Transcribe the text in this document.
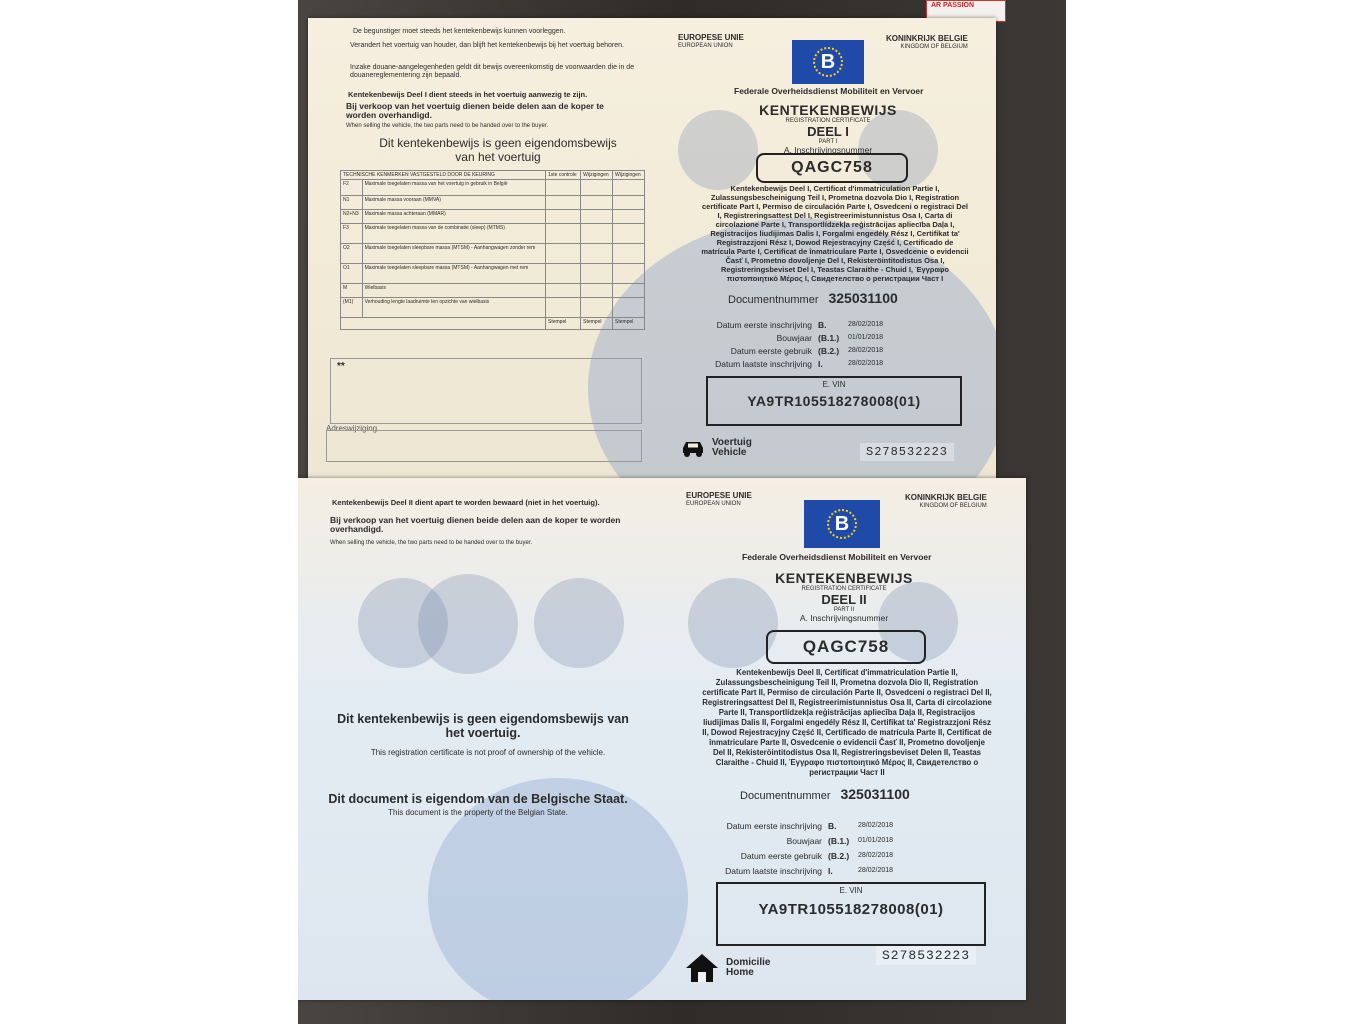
AR PASSION
De begunstiger moet steeds het kentekenbewijs kunnen voorleggen.
Verandert het voertuig van houder, dan blijft het kentekenbewijs bij het voertuig behoren.
Inzake douane-aangelegenheden geldt dit bewijs overeenkomstig de voorwaarden die in de douanereglementering zijn bepaald.
Kentekenbewijs Deel I dient steeds in het voertuig aanwezig te zijn.
Bij verkoop van het voertuig dienen beide delen aan de koper te worden overhandigd.
When selling the vehicle, the two parts need to be handed over to the buyer.
Dit kentekenbewijs is geen eigendomsbewijs van het voertuig
TECHNISCHE KENMERKEN VASTGESTELD DOOR DE KEURING		1ste controle	Wijzigingen	Wijzigingen
F2	Maximale toegelaten massa van het voertuig in gebruik in België			
N1	Maximale massa vooraan (MMVA)			
N2+N3	Maximale massa achteraan (MMAR)			
F3	Maximale toegelaten massa van de combinatie (sleep) (MTMS)			
O2	Maximale toegelaten sleepbare massa (MTSM) - Aanhangwagen zonder rem			
O1	Maximale toegelaten sleepbare massa (MTSM) - Aanhangwagen met rem			
M	Wielbasis			
(M1)	Verhouding lengte laadruimte ten opzichte van wielbasis			
		Stempel	Stempel	Stempel
**
Adreswijziging
EUROPESE UNIE
EUROPEAN UNION
B
KONINKRIJK BELGIE
KINGDOM OF BELGIUM
Federale Overheidsdienst Mobiliteit en Vervoer
KENTEKENBEWIJS
REGISTRATION CERTIFICATE
DEEL I
PART I
A. Inschrijvingsnummer
QAGC758
Kentekenbewijs Deel I, Certificat d'immatriculation Partie I, Zulassungsbescheinigung Teil I, Prometna dozvola Dio I, Registration certificate Part I, Permiso de circulación Parte I, Osvedceni o registraci Del I, Registreringsattest Del I, Registreerimistunnistus Osa I, Carta di circolazione Parte I, Transportlídzekļa reģistrācijas apliecība Daļa I, Registracijos liudijimas Dalis I, Forgalmi engedély Rész I, Certifikat ta' Registrazzjoni Rész I, Dowod Rejestracyjny Część I, Certificado de matrícula Parte I, Certificat de înmatriculare Parte I, Osvedcenie o evidencii Časť I, Prometno dovoljenje Del I, Rekisteröintitodistus Osa I, Registreringsbeviset Del I, Teastas Claraithe - Chuid I, Έγγραφο πιστοποιητικό Μέρος I, Свидетелство о регистрации Част I
Documentnummer 325031100
Datum eerste inschrijving B.	28/02/2018
Bouwjaar (B.1.)	01/01/2018
Datum eerste gebruik (B.2.)	28/02/2018
Datum laatste inschrijving I.	28/02/2018
E. VIN
YA9TR105518278008(01)
Voertuig
Vehicle	S278532223
Kentekenbewijs Deel II dient apart te worden bewaard (niet in het voertuig).
Bij verkoop van het voertuig dienen beide delen aan de koper te worden overhandigd.
When selling the vehicle, the two parts need to be handed over to the buyer.
Dit kentekenbewijs is geen eigendomsbewijs van het voertuig.
This registration certificate is not proof of ownership of the vehicle.
Dit document is eigendom van de Belgische Staat.
This document is the property of the Belgian State.
EUROPESE UNIE
EUROPEAN UNION
B
KONINKRIJK BELGIE
KINGDOM OF BELGIUM
Federale Overheidsdienst Mobiliteit en Vervoer
KENTEKENBEWIJS
REGISTRATION CERTIFICATE
DEEL II
PART II
A. Inschrijvingsnummer
QAGC758
Kentekenbewijs Deel II, Certificat d'immatriculation Partie II, Zulassungsbescheinigung Teil II, Prometna dozvola Dio II, Registration certificate Part II, Permiso de circulación Parte II, Osvedceni o registraci Del II, Registreringsattest Del II, Registreerimistunnistus Osa II, Carta di circolazione Parte II, Transportlídzekļa reģistrācijas apliecība Daļa II, Registracijos liudijimas Dalis II, Forgalmi engedély Rész II, Certifikat ta' Registrazzjoni Rész II, Dowod Rejestracyjny Część II, Certificado de matrícula Parte II, Certificat de înmatriculare Parte II, Osvedcenie o evidencii Časť II, Prometno dovoljenje Del II, Rekisteröintitodistus Osa II, Registreringsbeviset Delen II, Teastas Claraithe - Chuid II, Έγγραφο πιστοποιητικό Μέρος II, Свидетелство о регистрации Част II
Documentnummer 325031100
Datum eerste inschrijving B.	28/02/2018
Bouwjaar (B.1.)	01/01/2018
Datum eerste gebruik (B.2.)	28/02/2018
Datum laatste inschrijving I.	28/02/2018
E. VIN
YA9TR105518278008(01)
Domicilie
Home
S278532223
